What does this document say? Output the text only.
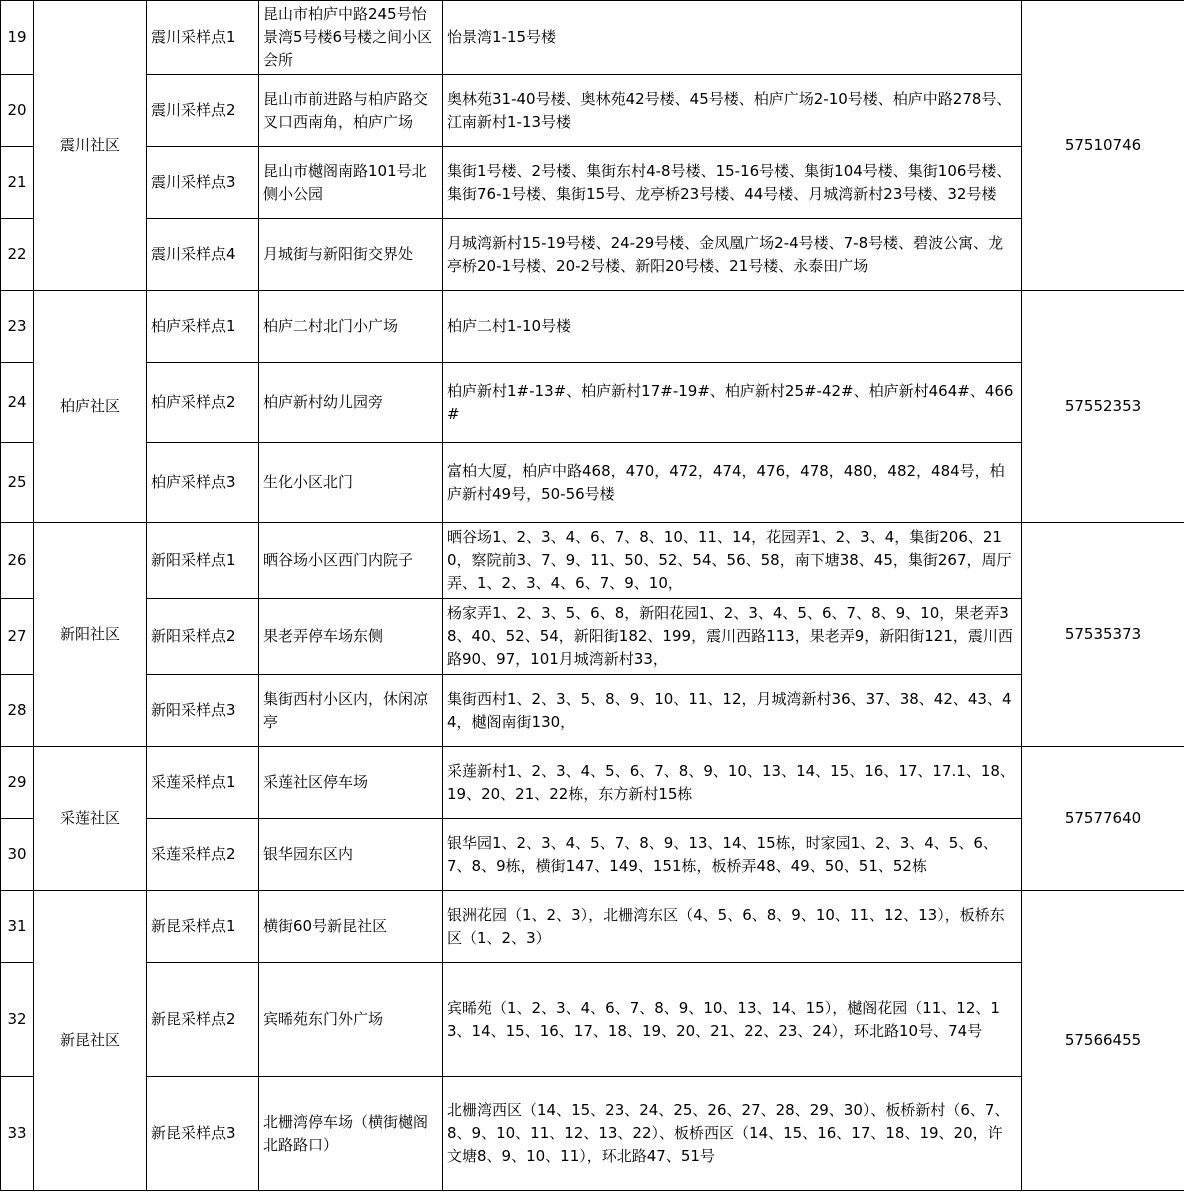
19	震川社区	震川采样点1	昆山市柏庐中路245号怡景湾5号楼6号楼之间小区会所	怡景湾1-15号楼	57510746
20		震川采样点2	昆山市前进路与柏庐路交叉口西南角，柏庐广场	奥林苑31-40号楼、奥林苑42号楼、45号楼、柏庐广场2-10号楼、柏庐中路278号、江南新村1-13号楼	
21		震川采样点3	昆山市樾阁南路101号北侧小公园	集街1号楼、2号楼、集街东村4-8号楼、15-16号楼、集街104号楼、集街106号楼、集街76-1号楼、集街15号、龙亭桥23号楼、44号楼、月城湾新村23号楼、32号楼	
22		震川采样点4	月城街与新阳街交界处	月城湾新村15-19号楼、24-29号楼、金凤凰广场2-4号楼、7-8号楼、碧波公寓、龙亭桥20-1号楼、20-2号楼、新阳20号楼、21号楼、永泰田广场	
23	柏庐社区	柏庐采样点1	柏庐二村北门小广场	柏庐二村1-10号楼	57552353
24		柏庐采样点2	柏庐新村幼儿园旁	柏庐新村1#-13#、柏庐新村17#-19#、柏庐新村25#-42#、柏庐新村464#、466#	
25		柏庐采样点3	生化小区北门	富柏大厦，柏庐中路468，470，472，474，476，478，480，482，484号，柏庐新村49号，50-56号楼	
26	新阳社区	新阳采样点1	晒谷场小区西门内院子	晒谷场1、2、3、4、6、7、8、10、11、14，花园弄1、2、3、4，集街206、210，察院前3、7、9、11、50、52、54、56、58，南下塘38、45，集街267，周厅弄、1、2、3、4、6、7、9、10，	57535373
27		新阳采样点2	果老弄停车场东侧	杨家弄1、2、3、5、6、8，新阳花园1、2、3、4、5、6、7、8、9、10，果老弄38、40、52、54，新阳街182、199，震川西路113，果老弄9，新阳街121，震川西路90、97，101月城湾新村33，	
28		新阳采样点3	集街西村小区内，休闲凉亭	集街西村1、2、3、5、8、9、10、11、12，月城湾新村36、37、38、42、43、44，樾阁南街130，	
29	采莲社区	采莲采样点1	采莲社区停车场	采莲新村1、2、3、4、5、6、7、8、9、10、13、14、15、16、17、17.1、18、19、20、21、22栋，东方新村15栋	57577640
30		采莲采样点2	银华园东区内	银华园1、2、3、4、5、7、8、9、13、14、15栋，时家园1、2、3、4、5、6、7、8、9栋，横街147、149、151栋，板桥弄48、49、50、51、52栋	
31	新昆社区	新昆采样点1	横街60号新昆社区	银洲花园（1、2、3），北栅湾东区（4、5、6、8、9、10、11、12、13），板桥东区（1、2、3）	57566455
32		新昆采样点2	宾晞苑东门外广场	宾晞苑（1、2、3、4、6、7、8、9、10、13、14、15），樾阁花园（11、12、13、14、15、16、17、18、19、20、21、22、23、24），环北路10号、74号	
33		新昆采样点3	北栅湾停车场（横街樾阁北路路口）	北栅湾西区（14、15、23、24、25、26、27、28、29、30）、板桥新村（6、7、8、9、10、11、12、13、22）、板桥西区（14、15、16、17、18、19、20，许文塘8、9、10、11），环北路47、51号	
